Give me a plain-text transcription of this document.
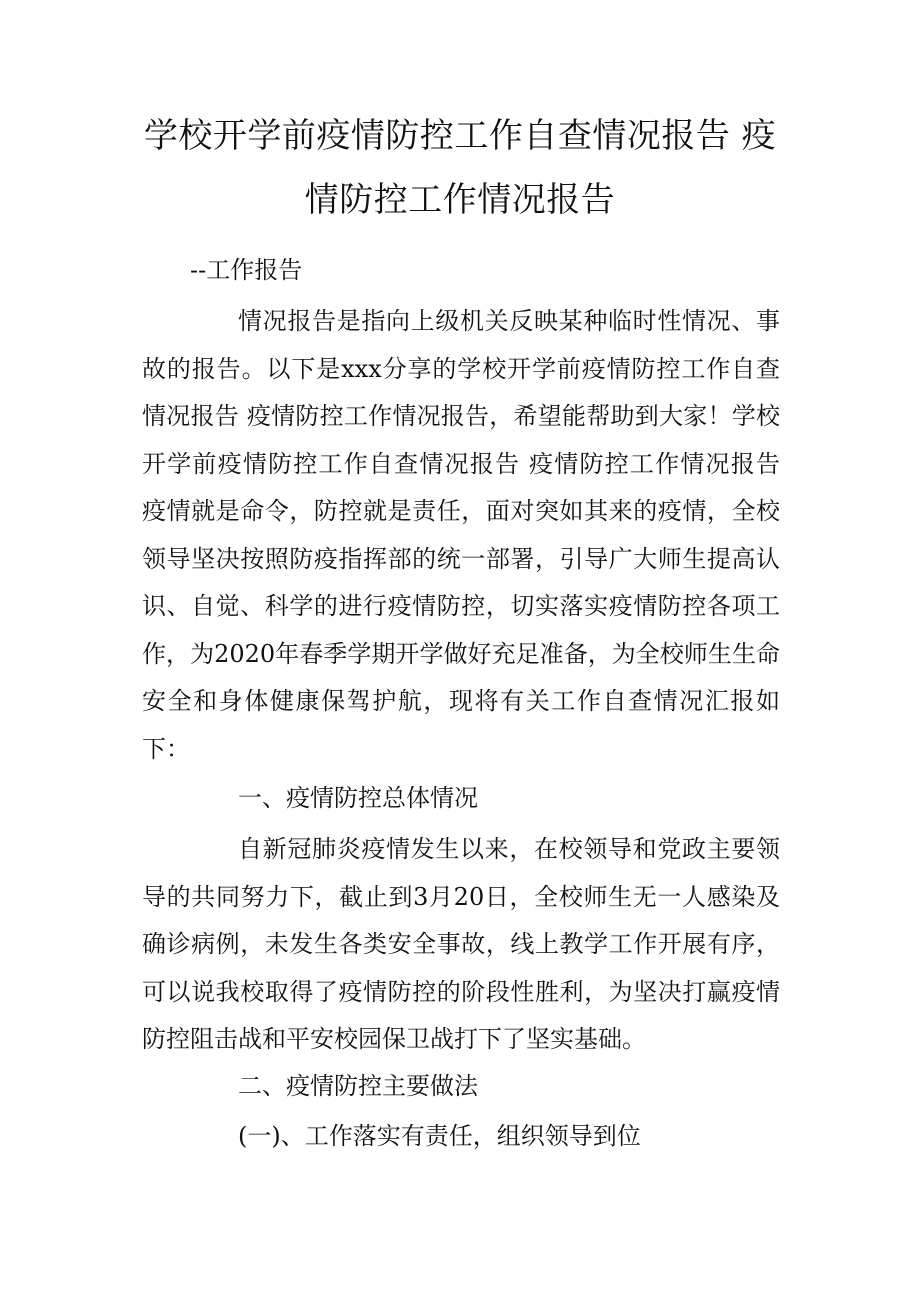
学校开学前疫情防控工作自查情况报告 疫情防控工作情况报告
--工作报告
情况报告是指向上级机关反映某种临时性情况、事故的报告。以下是xxx分享的学校开学前疫情防控工作自查情况报告 疫情防控工作情况报告，希望能帮助到大家！学校开学前疫情防控工作自查情况报告 疫情防控工作情况报告　　疫情就是命令，防控就是责任，面对突如其来的疫情，全校领导坚决按照防疫指挥部的统一部署，引导广大师生提高认识、自觉、科学的进行疫情防控，切实落实疫情防控各项工作，为2020年春季学期开学做好充足准备，为全校师生生命安全和身体健康保驾护航，现将有关工作自查情况汇报如下：
一、疫情防控总体情况
自新冠肺炎疫情发生以来，在校领导和党政主要领导的共同努力下，截止到3月20日，全校师生无一人感染及确诊病例，未发生各类安全事故，线上教学工作开展有序，可以说我校取得了疫情防控的阶段性胜利，为坚决打赢疫情防控阻击战和平安校园保卫战打下了坚实基础。
二、疫情防控主要做法
(一)、工作落实有责任，组织领导到位
